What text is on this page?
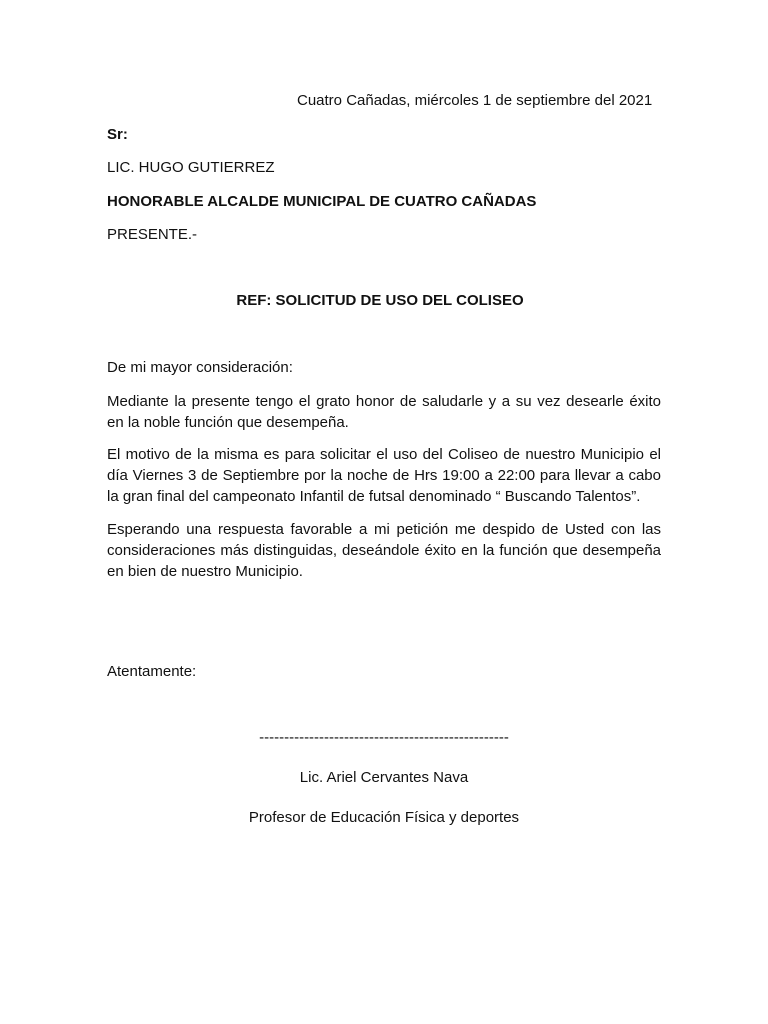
Cuatro Cañadas, miércoles 1 de septiembre del 2021
Sr:
LIC. HUGO GUTIERREZ
HONORABLE ALCALDE MUNICIPAL DE CUATRO CAÑADAS
PRESENTE.-
REF: SOLICITUD DE USO DEL COLISEO
De mi mayor consideración:
Mediante la presente tengo el grato honor de saludarle y a su vez desearle éxito en la noble función que desempeña.
El motivo de la misma es para solicitar el uso del Coliseo de nuestro Municipio el día Viernes 3 de Septiembre por la noche de Hrs 19:00 a 22:00 para llevar a cabo la gran final del campeonato Infantil de futsal denominado “ Buscando Talentos”.
Esperando una respuesta favorable a mi petición me despido de Usted con las consideraciones más distinguidas, deseándole éxito en la función que desempeña en bien de nuestro Municipio.
Atentamente:
--------------------------------------------------
Lic. Ariel Cervantes Nava
Profesor de Educación Física y deportes
